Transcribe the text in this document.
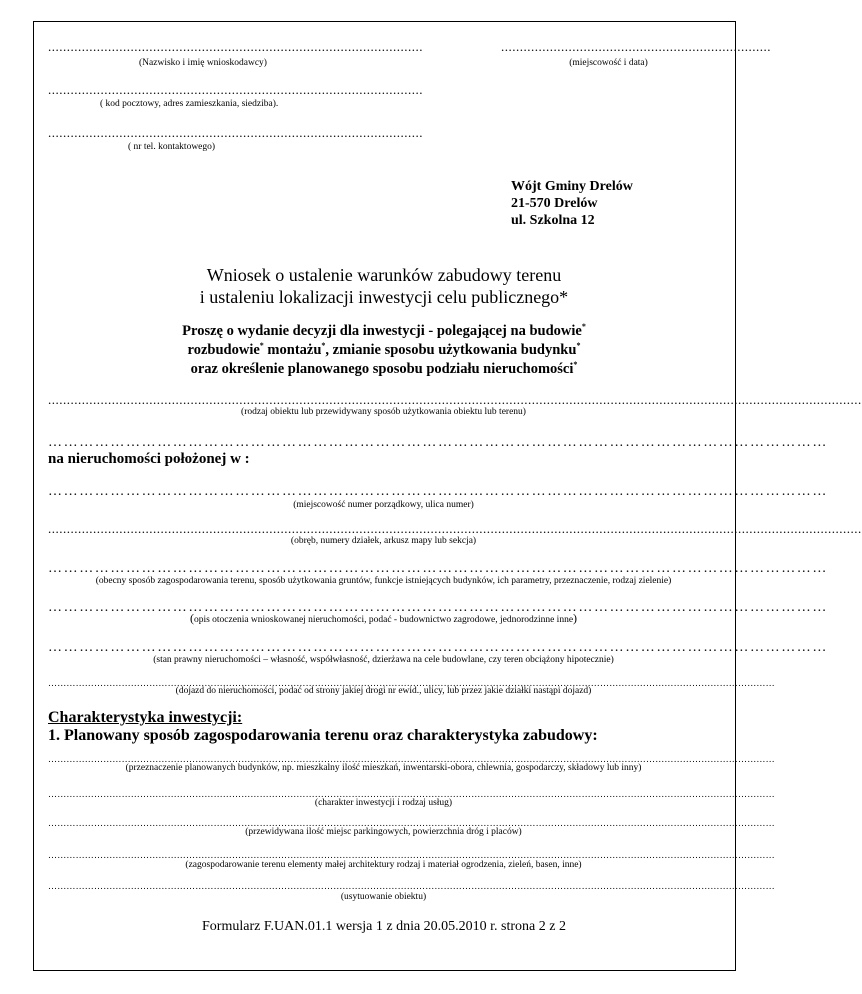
....................................................................................................
(Nazwisko i imię wnioskodawcy)
........................................................................
(miejscowość i data)
....................................................................................................
( kod pocztowy, adres zamieszkania, siedziba).
....................................................................................................
( nr tel. kontaktowego)
Wójt Gminy Drelów
21-570 Drelów
ul. Szkolna 12
Wniosek o ustalenie warunków zabudowy terenu
i ustaleniu lokalizacji inwestycji celu publicznego*
Proszę o wydanie decyzji dla inwestycji - polegającej na budowie*
rozbudowie* montażu*, zmianie sposobu użytkowania budynku*
oraz określenie planowanego sposobu podziału nieruchomości*
.........................................................................................................................................................................................................................
(rodzaj obiektu lub przewidywany sposób użytkowania obiektu lub terenu)
……………………………………………………………………………………………………………………………………
na nieruchomości położonej w :
……………………………………………………………………………………………………………………………………
(miejscowość numer porządkowy, ulica numer)
.........................................................................................................................................................................................................................
(obręb, numery działek, arkusz mapy lub sekcja)
……………………………………………………………………………………………………………………………………
(obecny sposób zagospodarowania terenu, sposób użytkowania gruntów, funkcje istniejących budynków, ich parametry, przeznaczenie, rodzaj zielenie)
……………………………………………………………………………………………………………………………………
(opis otoczenia wnioskowanej nieruchomości, podać - budownictwo zagrodowe, jednorodzinne inne)
……………………………………………………………………………………………………………………………………
(stan prawny nieruchomości – własność, współwłasność, dzierżawa na cele budowlane, czy teren obciążony hipotecznie)
…………………………………………………………………………………………………………………………………………………………………………………………………………………
(dojazd do nieruchomości, podać od strony jakiej drogi nr ewid., ulicy, lub przez jakie działki nastąpi dojazd)
Charakterystyka inwestycji:
1. Planowany sposób zagospodarowania terenu oraz charakterystyka zabudowy:
…………………………………………………………………………………………………………………………………………………………………………………………………………………
(przeznaczenie planowanych budynków, np. mieszkalny ilość mieszkań, inwentarski-obora, chlewnia, gospodarczy, składowy lub inny)
…………………………………………………………………………………………………………………………………………………………………………………………………………………
(charakter inwestycji i rodzaj usług)
…………………………………………………………………………………………………………………………………………………………………………………………………………………
(przewidywana ilość miejsc parkingowych, powierzchnia dróg i placów)
…………………………………………………………………………………………………………………………………………………………………………………………………………………
(zagospodarowanie terenu elementy małej architektury rodzaj i materiał ogrodzenia, zieleń, basen, inne)
…………………………………………………………………………………………………………………………………………………………………………………………………………………
(usytuowanie obiektu)
Formularz F.UAN.01.1 wersja 1 z dnia 20.05.2010 r. strona 2 z 2
